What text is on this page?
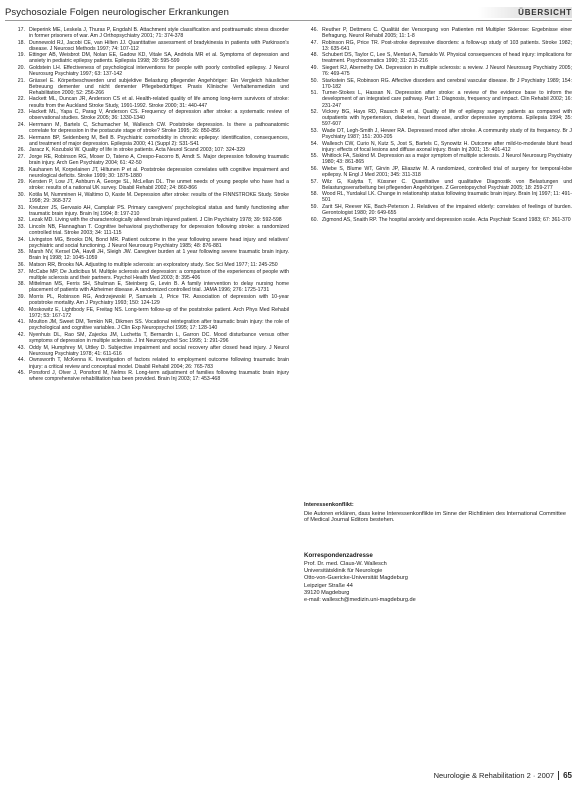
Psychosoziale Folgen neurologischer Erkrankungen	ÜBERSICHT
17. Dieperink ME, Leskela J, Thuras P, Engdahl B. Attachment style classification and posttraumatic stress disorder in former prisoners of war. Am J Orthopsychiatry 2001; 71: 374-378
18. Dunnewold RJ, Jacobi CE, van Hilten JJ. Quantitative assessment of bradykinesia in patients with Parkinson's disease. J Neurosci Methods 1997; 74: 107-112
19. Ettinger AB, Weisbrot DM, Nolan EE, Gadow KD, Vitale SA, Andriola MR et al. Symptoms of depression and anxiety in pediatric epilepsy patients. Epilepsia 1998; 39: 595-599
20. Goldstein LH. Effectiveness of psychological interventions for people with poorly controlled epilepsy. J Neurol Neurosurg Psychiatry 1997; 63: 137-142
21. Grässel E. Körperbeschwerden und subjektive Belastung pflegender Angehöriger: Ein Vergleich häuslicher Betreuung dementer und nicht dementer Pflegebedürftiger. Praxis Klinische Verhaltensmedizin und Rehabilitation 2000; 52: 256-266
22. Hackett ML, Duncan JR, Anderson CS et al. Health-related quality of life among long-term survivors of stroke: results from the Auckland Stroke Study, 1991-1992. Stroke 2000; 31: 440-447
23. Hackett ML, Yapa C, Parag V, Anderson CS. Frequency of depression after stroke: a systematic review of observational studies. Stroke 2005; 36: 1330-1340
24. Herrmann M, Bartels C, Schumacher M, Wallesch CW. Poststroke depression. Is there a pathoanatomic correlate for depression in the postacute stage of stroke? Stroke 1995; 26: 850-856
25. Hermann BP, Seidenberg M, Bell B. Psychiatric comorbidity in chronic epilepsy: identification, consequences, and treatment of major depression. Epilepsia 2000; 41 (Suppl 2): S31-S41
26. Jaracz K, Kozubski W. Quality of life in stroke patients. Acta Neurol Scand 2003; 107: 324-329
27. Jorge RE, Robinson RG, Moser D, Tateno A, Crespo-Facorro B, Arndt S. Major depression following traumatic brain injury. Arch Gen Psychiatry 2004; 61: 42-50
28. Kauhanen M, Korpelainen JT, Hiltunen P et al. Poststroke depression correlates with cognitive impairment and neurological deficits. Stroke 1999; 30: 1875-1880
29. Kersten P, Low JT, Ashburn A, George SL, McLellan DL. The unmet needs of young people who have had a stroke: results of a national UK survey. Disabil Rehabil 2002; 24: 860-866
30. Kotila M, Numminen H, Waltimo O, Kaste M. Depression after stroke: results of the FINNSTROKE Study. Stroke 1998; 29: 368-372
31. Kreutzer JS, Gervasio AH, Camplair PS. Primary caregivers' psychological status and family functioning after traumatic brain injury. Brain Inj 1994; 8: 197-210
32. Lezak MD. Living with the characterologically altered brain injured patient. J Clin Psychiatry 1978; 39: 592-598
33. Lincoln NB, Flannaghan T. Cognitive behavioral psychotherapy for depression following stroke: a randomized controlled trial. Stroke 2003; 34: 111-115
34. Livingston MG, Brooks DN, Bond MR. Patient outcome in the year following severe head injury and relatives' psychiatric and social functioning. J Neurol Neurosurg Psychiatry 1985; 48: 876-881
35. Marsh NV, Kersel DA, Havill JH, Sleigh JW. Caregiver burden at 1 year following severe traumatic brain injury. Brain Inj 1998; 12: 1045-1059
36. Matson RR, Brooks NA. Adjusting to multiple sclerosis: an exploratory study. Soc Sci Med 1977; 11: 245-250
37. McCabe MP, De Judicibus M. Multiple sclerosis and depression: a comparison of the experiences of people with multiple sclerosis and their partners. Psychol Health Med 2003; 8: 395-406
38. Mittelman MS, Ferris SH, Shulman E, Steinberg G, Levin B. A family intervention to delay nursing home placement of patients with Alzheimer disease. A randomized controlled trial. JAMA 1996; 276: 1725-1731
39. Morris PL, Robinson RG, Andrzejewski P, Samuels J, Price TR. Association of depression with 10-year poststroke mortality. Am J Psychiatry 1993; 150: 124-129
40. Moskowitz E, Lightbody FE, Freitag NS. Long-term follow-up of the poststroke patient. Arch Phys Med Rehabil 1972; 53: 167-172
41. Moulton JM, Sweet DM, Temkin NR, Dikmen SS. Vocational reintegration after traumatic brain injury: the role of psychological and cognitive variables. J Clin Exp Neuropsychol 1995; 17: 128-140
42. Nyenhuis DL, Rao SM, Zajecka JM, Luchetta T, Bernardin L, Garron DC. Mood disturbance versus other symptoms of depression in multiple sclerosis. J Int Neuropsychol Soc 1995; 1: 291-296
43. Oddy M, Humphrey M, Uttley D. Subjective impairment and social recovery after closed head injury. J Neurol Neurosurg Psychiatry 1978; 41: 611-616
44. Ownsworth T, McKenna K. Investigation of factors related to employment outcome following traumatic brain injury: a critical review and conceptual model. Disabil Rehabil 2004; 26: 765-783
45. Ponsford J, Olver J, Ponsford M, Nelms R. Long-term adjustment of families following traumatic brain injury where comprehensive rehabilitation has been provided. Brain Inj 2003; 17: 453-468
46. Reuther P, Dettmers C. Qualität der Versorgung von Patienten mit Multipler Sklerose: Ergebnisse einer Befragung. Neurol Rehabil 2005; 11: 1-8
47. Robinson RG, Price TR. Post-stroke depressive disorders: a follow-up study of 103 patients. Stroke 1982; 13: 635-641
48. Schubert DS, Taylor C, Lee S, Mentari A, Tamaklo W. Physical consequences of head injury: implications for treatment. Psychosomatics 1990; 31: 213-216
49. Siegert RJ, Abernethy DA. Depression in multiple sclerosis: a review. J Neurol Neurosurg Psychiatry 2005; 76: 469-475
50. Starkstein SE, Robinson RG. Affective disorders and cerebral vascular disease. Br J Psychiatry 1989; 154: 170-182
51. Turner-Stokes L, Hassan N. Depression after stroke: a review of the evidence base to inform the development of an integrated care pathway. Part 1: Diagnosis, frequency and impact. Clin Rehabil 2002; 16: 231-247
52. Vickrey BG, Hays RD, Rausch R et al. Quality of life of epilepsy surgery patients as compared with outpatients with hypertension, diabetes, heart disease, and/or depressive symptoms. Epilepsia 1994; 35: 597-607
53. Wade DT, Legh-Smith J, Hewer RA. Depressed mood after stroke. A community study of its frequency. Br J Psychiatry 1987; 151: 200-205
54. Wallesch CW, Curio N, Kutz S, Jost S, Bartels C, Synowitz H. Outcome after mild-to-moderate blunt head injury: effects of focal lesions and diffuse axonal injury. Brain Inj 2001; 15: 401-412
55. Whitlock FA, Siskind M. Depression as a major symptom of multiple sclerosis. J Neurol Neurosurg Psychiatry 1980; 43: 861-865
56. Wiebe S, Blume WT, Girvin JP, Eliasziw M. A randomized, controlled trial of surgery for temporal-lobe epilepsy. N Engl J Med 2001; 345: 311-318
57. Wilz G, Kalytta T, Küssner C. Quantitative und qualitative Diagnostik von Belastungen und Belastungsverarbeitung bei pflegenden Angehörigen. Z Gerontopsychol Psychiatr 2005; 18: 259-277
58. Wood RL, Yurdakul LK. Change in relationship status following traumatic brain injury. Brain Inj 1997; 11: 491-501
59. Zarit SH, Reever KE, Bach-Peterson J. Relatives of the impaired elderly: correlates of feelings of burden. Gerontologist 1980; 20: 649-655
60. Zigmond AS, Snaith RP. The hospital anxiety and depression scale. Acta Psychiatr Scand 1983; 67: 361-370

Interessenkonflikt:

Die Autoren erklären, dass keine Interessenkonflikte im Sinne der Richtlinien des International Committee of Medical Journal Editors bestehen.

Korrespondenzadresse

Prof. Dr. med. Claus-W. Wallesch
Universitätsklinik für Neurologie
Otto-von-Guericke-Universität Magdeburg
Leipziger Straße 44
39120 Magdeburg
e-mail: wallesch@medizin.uni-magdeburg.de
Neurologie & Rehabilitation 2 · 2007 65
